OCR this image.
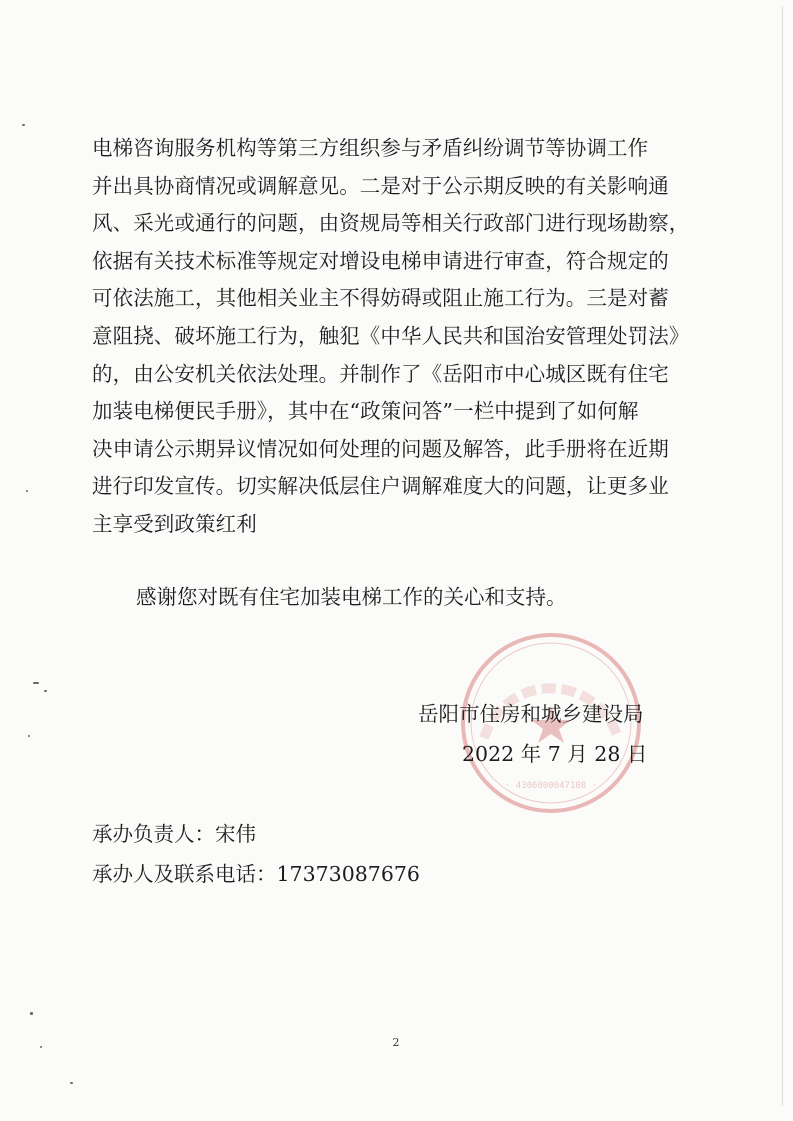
电梯咨询服务机构等第三方组织参与矛盾纠纷调节等协调工作
并出具协商情况或调解意见。二是对于公示期反映的有关影响通
风、采光或通行的问题，由资规局等相关行政部门进行现场勘察，
依据有关技术标准等规定对增设电梯申请进行审查，符合规定的
可依法施工，其他相关业主不得妨碍或阻止施工行为。三是对蓄
意阻挠、破坏施工行为，触犯《中华人民共和国治安管理处罚法》
的，由公安机关依法处理。并制作了《岳阳市中心城区既有住宅
加装电梯便民手册》，其中在“政策问答”一栏中提到了如何解
决申请公示期异议情况如何处理的问题及解答，此手册将在近期
进行印发宣传。切实解决低层住户调解难度大的问题，让更多业
主享受到政策红利
感谢您对既有住宅加装电梯工作的关心和支持。
· 4306000047108 ·
岳阳市住房和城乡建设局
2022 年 7 月 28 日
承办负责人：宋伟
承办人及联系电话：17373087676
2
